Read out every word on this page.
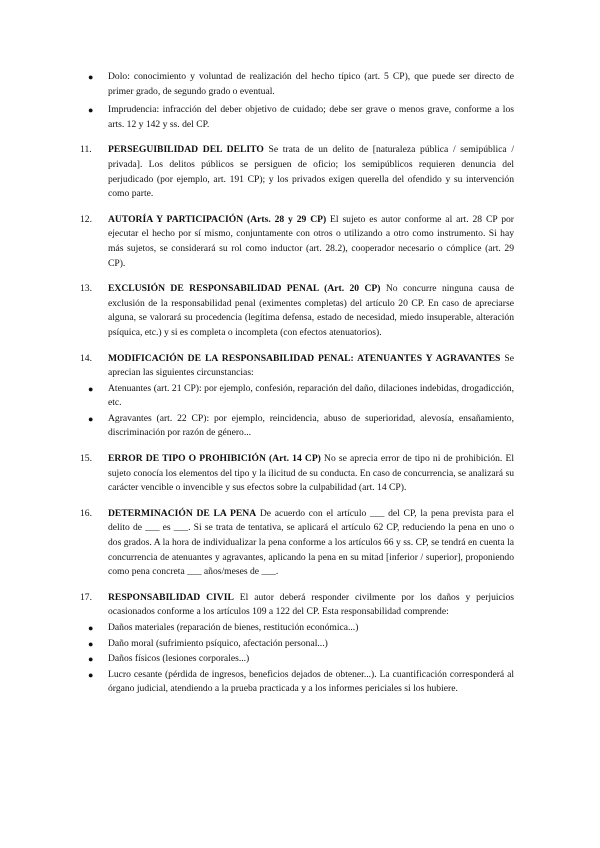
● Dolo: conocimiento y voluntad de realización del hecho típico (art. 5 CP), que puede ser directo de primer grado, de segundo grado o eventual.
● Imprudencia: infracción del deber objetivo de cuidado; debe ser grave o menos grave, conforme a los arts. 12 y 142 y ss. del CP.
11. PERSEGUIBILIDAD DEL DELITO Se trata de un delito de [naturaleza pública / semipública / privada]. Los delitos públicos se persiguen de oficio; los semipúblicos requieren denuncia del perjudicado (por ejemplo, art. 191 CP); y los privados exigen querella del ofendido y su intervención como parte.
12. AUTORÍA Y PARTICIPACIÓN (Arts. 28 y 29 CP) El sujeto es autor conforme al art. 28 CP por ejecutar el hecho por sí mismo, conjuntamente con otros o utilizando a otro como instrumento. Si hay más sujetos, se considerará su rol como inductor (art. 28.2), cooperador necesario o cómplice (art. 29 CP).
13. EXCLUSIÓN DE RESPONSABILIDAD PENAL (Art. 20 CP) No concurre ninguna causa de exclusión de la responsabilidad penal (eximentes completas) del artículo 20 CP. En caso de apreciarse alguna, se valorará su procedencia (legítima defensa, estado de necesidad, miedo insuperable, alteración psíquica, etc.) y si es completa o incompleta (con efectos atenuatorios).
14. MODIFICACIÓN DE LA RESPONSABILIDAD PENAL: ATENUANTES Y AGRAVANTES Se aprecian las siguientes circunstancias:
● Atenuantes (art. 21 CP): por ejemplo, confesión, reparación del daño, dilaciones indebidas, drogadicción, etc.
● Agravantes (art. 22 CP): por ejemplo, reincidencia, abuso de superioridad, alevosía, ensañamiento, discriminación por razón de género...
15. ERROR DE TIPO O PROHIBICIÓN (Art. 14 CP) No se aprecia error de tipo ni de prohibición. El sujeto conocía los elementos del tipo y la ilicitud de su conducta. En caso de concurrencia, se analizará su carácter vencible o invencible y sus efectos sobre la culpabilidad (art. 14 CP).
16. DETERMINACIÓN DE LA PENA De acuerdo con el artículo ___ del CP, la pena prevista para el delito de ___ es ___. Si se trata de tentativa, se aplicará el artículo 62 CP, reduciendo la pena en uno o dos grados. A la hora de individualizar la pena conforme a los artículos 66 y ss. CP, se tendrá en cuenta la concurrencia de atenuantes y agravantes, aplicando la pena en su mitad [inferior / superior], proponiendo como pena concreta ___ años/meses de ___.
17. RESPONSABILIDAD CIVIL El autor deberá responder civilmente por los daños y perjuicios ocasionados conforme a los artículos 109 a 122 del CP. Esta responsabilidad comprende:
● Daños materiales (reparación de bienes, restitución económica...)
● Daño moral (sufrimiento psíquico, afectación personal...)
● Daños físicos (lesiones corporales...)
● Lucro cesante (pérdida de ingresos, beneficios dejados de obtener...). La cuantificación corresponderá al órgano judicial, atendiendo a la prueba practicada y a los informes periciales si los hubiere.
